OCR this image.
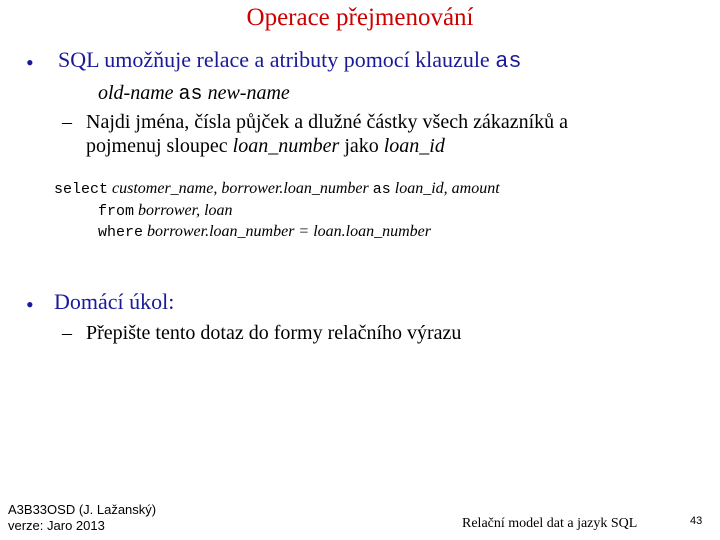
Operace přejmenování
• SQL umožňuje relace a atributy pomocí klauzule as
old-name as new-name
– Najdi jména, čísla půjček a dlužné částky všech zákazníků a
pojmenuj sloupec loan_number jako loan_id
select customer_name, borrower.loan_number as loan_id, amount
from borrower, loan
where borrower.loan_number = loan.loan_number
• Domácí úkol:
– Přepište tento dotaz do formy relačního výrazu
A3B33OSD (J. Lažanský)
verze: Jaro 2013	Relační model dat a jazyk SQL	43
